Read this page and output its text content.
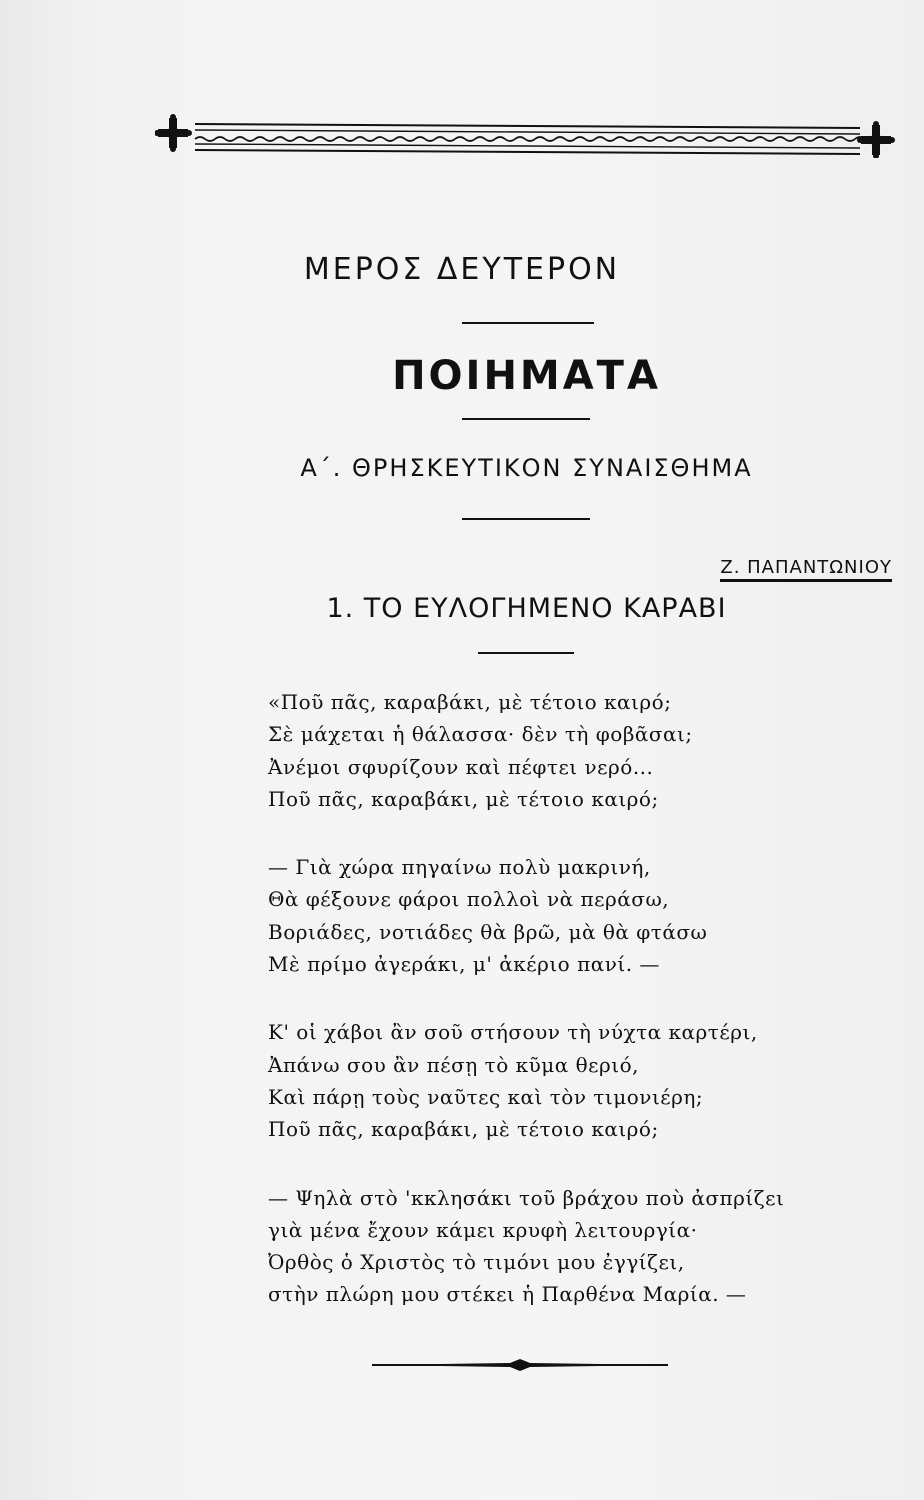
ΜΕΡΟΣ ΔΕΥΤΕΡΟΝ
ΠΟΙΗΜΑΤΑ
Α΄. ΘΡΗΣΚΕΥΤΙΚΟΝ ΣΥΝΑΙΣΘΗΜΑ
Ζ. ΠΑΠΑΝΤΩΝΙΟΥ
1. ΤΟ ΕΥΛΟΓΗΜΕΝΟ ΚΑΡΑΒΙ
«Ποῦ πᾶς, καραβάκι, μὲ τέτοιο καιρό;
Σὲ μάχεται ἡ θάλασσα· δὲν τὴ φοβᾶσαι;
Ἀνέμοι σφυρίζουν καὶ πέφτει νερό...
Ποῦ πᾶς, καραβάκι, μὲ τέτοιο καιρό;
— Γιὰ χώρα πηγαίνω πολὺ μακρινή,
Θὰ φέξουνε φάροι πολλοὶ νὰ περάσω,
Βοριάδες, νοτιάδες θὰ βρῶ, μὰ θὰ φτάσω
Μὲ πρίμο ἀγεράκι, μ' ἀκέριο πανί. —
Κ' οἱ χάβοι ἂν σοῦ στήσουν τὴ νύχτα καρτέρι,
Ἀπάνω σου ἂν πέσῃ τὸ κῦμα θεριό,
Καὶ πάρῃ τοὺς ναῦτες καὶ τὸν τιμονιέρη;
Ποῦ πᾶς, καραβάκι, μὲ τέτοιο καιρό;
— Ψηλὰ στὸ 'κκλησάκι τοῦ βράχου ποὺ ἀσπρίζει
γιὰ μένα ἔχουν κάμει κρυφὴ λειτουργία·
Ὀρθὸς ὁ Χριστὸς τὸ τιμόνι μου ἐγγίζει,
στὴν πλώρη μου στέκει ἡ Παρθένα Μαρία. —
